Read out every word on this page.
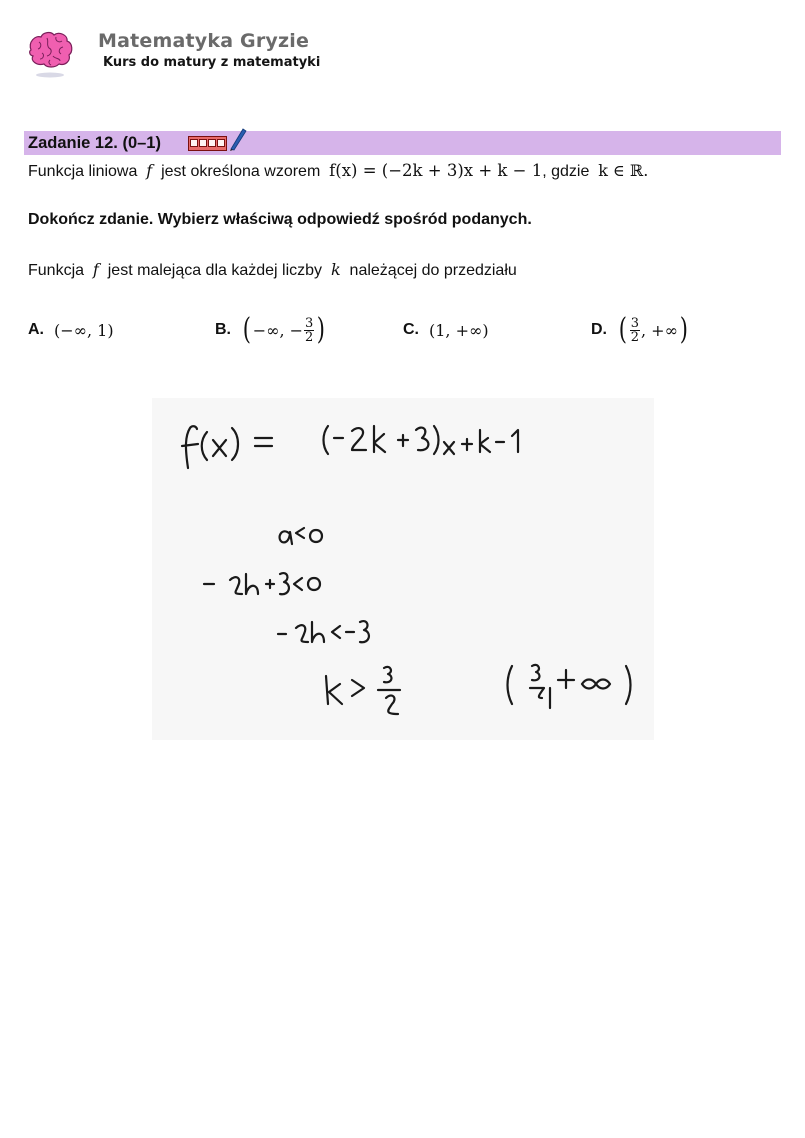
Matematyka Gryzie
Kurs do matury z matematyki
Zadanie 12. (0–1)
Funkcja liniowa f jest określona wzorem f(x) = (−2k + 3)x + k − 1, gdzie k ∈ ℝ.
Dokończ zdanie. Wybierz właściwą odpowiedź spośród podanych.
Funkcja f jest malejąca dla każdej liczby k należącej do przedziału
A. (−∞, 1)	B. ( −∞, − $\frac{3}{2}$ )	C. (1, +∞)	D. ( $\frac{3}{2}$ , +∞ )
